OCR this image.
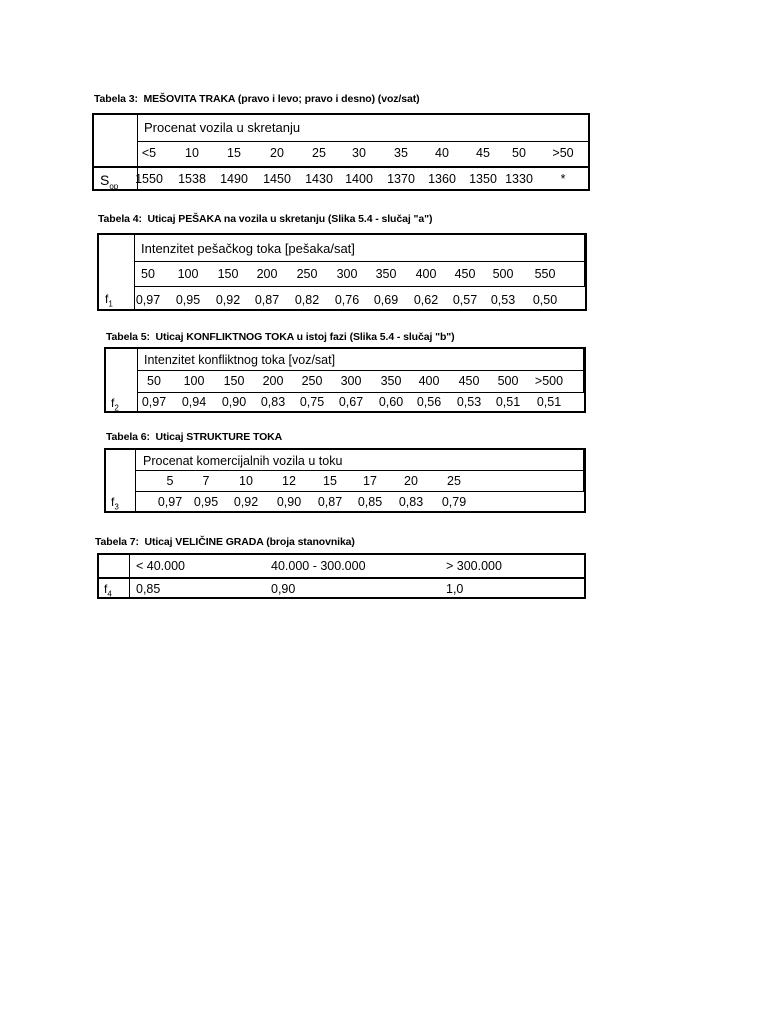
Tabela 3: MEŠOVITA TRAKA (pravo i levo; pravo i desno) (voz/sat)
Procenat vozila u skretanju
<5 10 15 20 25 30 35 40 45 50 >50
$S_{op}$
1550 1538 1490 1450 1430 1400 1370 1360 1350 1330 *
Tabela 4: Uticaj PEŠAKA na vozila u skretanju (Slika 5.4 - slučaj "a")
Intenzitet pešačkog toka [pešaka/sat]
50 100 150 200 250 300 350 400 450 500 550
$f_1$ 0,97 0,95 0,92 0,87 0,82 0,76 0,69 0,62 0,57 0,53 0,50
Tabela 5: Uticaj KONFLIKTNOG TOKA u istoj fazi (Slika 5.4 - slučaj "b")
Intenzitet konfliktnog toka [voz/sat]
50 100 150 200 250 300 350 400 450 500 >500
$f_2$ 0,97 0,94 0,90 0,83 0,75 0,67 0,60 0,56 0,53 0,51 0,51
Tabela 6: Uticaj STRUKTURE TOKA
Procenat komercijalnih vozila u toku
5 7 10 12 15 17 20 25
$f_3$	0,97 0,95 0,92 0,90 0,87 0,85 0,83 0,79
Tabela 7: Uticaj VELIČINE GRADA (broja stanovnika)
< 40.000	40.000 - 300.000	> 300.000
$f_4$ 0,85	0,90	1,0
